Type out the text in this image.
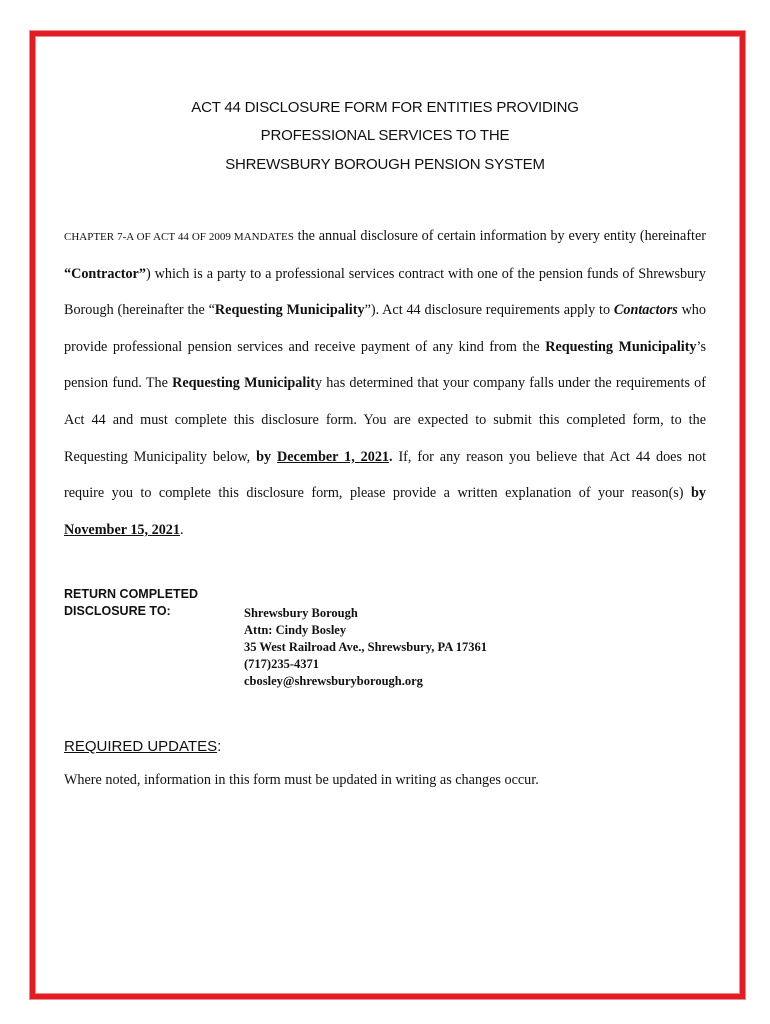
ACT 44 DISCLOSURE FORM FOR ENTITIES PROVIDING
PROFESSIONAL SERVICES TO THE
SHREWSBURY BOROUGH PENSION SYSTEM
CHAPTER 7-A OF ACT 44 OF 2009 MANDATES the annual disclosure of certain information by every entity (hereinafter “Contractor”) which is a party to a professional services contract with one of the pension funds of Shrewsbury Borough (hereinafter the “Requesting Municipality”). Act 44 disclosure requirements apply to Contactors who provide professional pension services and receive payment of any kind from the Requesting Municipality’s pension fund. The Requesting Municipality has determined that your company falls under the requirements of Act 44 and must complete this disclosure form. You are expected to submit this completed form, to the Requesting Municipality below, by December 1, 2021. If, for any reason you believe that Act 44 does not require you to complete this disclosure form, please provide a written explanation of your reason(s) by November 15, 2021.
RETURN COMPLETED
DISCLOSURE TO:	Shrewsbury Borough
Attn: Cindy Bosley
35 West Railroad Ave., Shrewsbury, PA 17361
(717)235-4371
cbosley@shrewsburyborough.org
REQUIRED UPDATES:
Where noted, information in this form must be updated in writing as changes occur.
